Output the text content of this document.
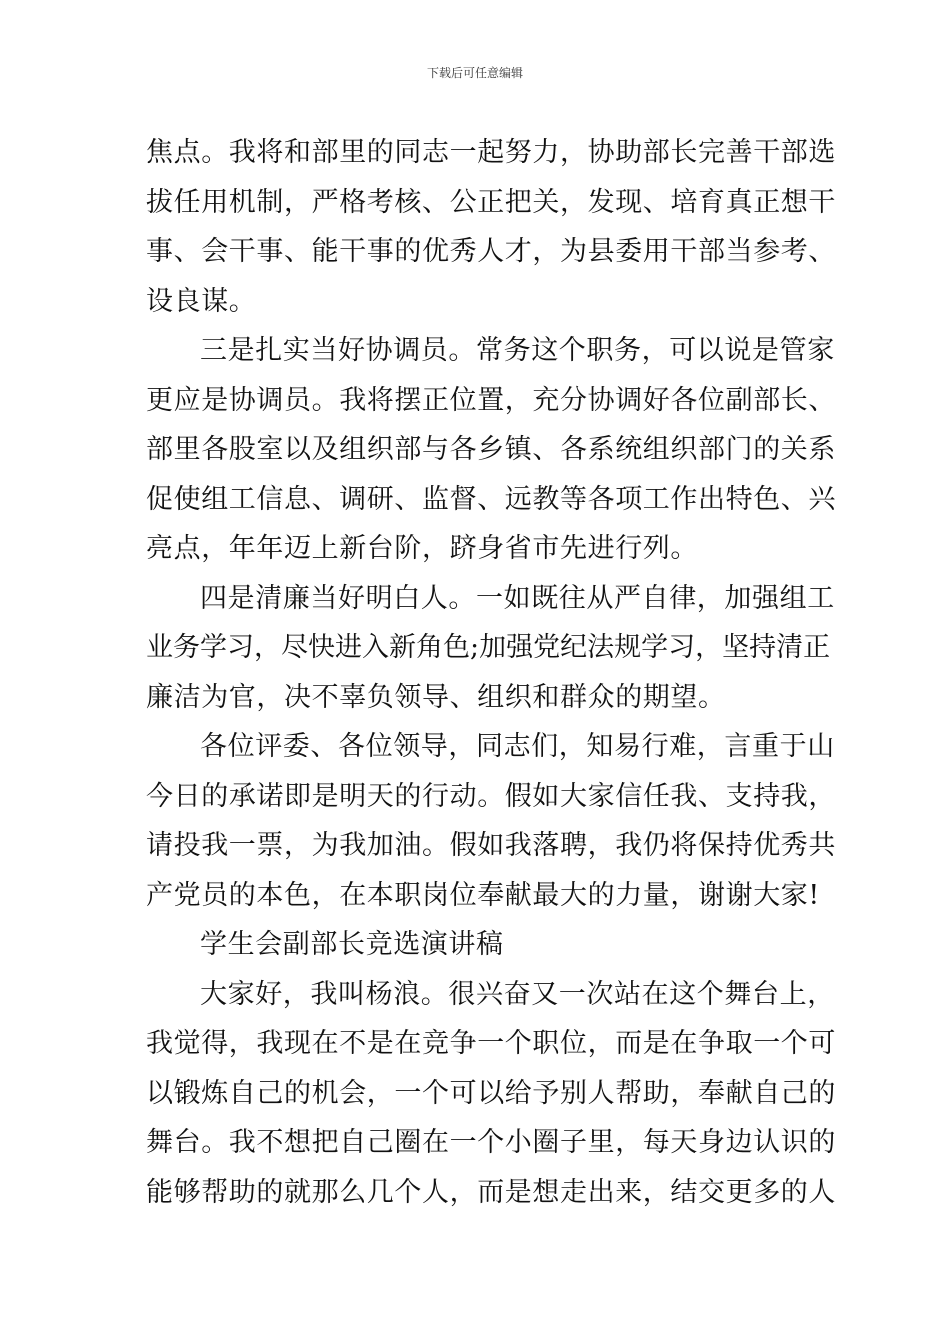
下载后可任意编辑
焦点。我将和部里的同志一起努力，协助部长完善干部选
拔任用机制，严格考核、公正把关，发现、培育真正想干
事、会干事、能干事的优秀人才，为县委用干部当参考、
设良谋。
三是扎实当好协调员。常务这个职务，可以说是管家
更应是协调员。我将摆正位置，充分协调好各位副部长、
部里各股室以及组织部与各乡镇、各系统组织部门的关系
促使组工信息、调研、监督、远教等各项工作出特色、兴
亮点，年年迈上新台阶，跻身省市先进行列。
四是清廉当好明白人。一如既往从严自律，加强组工
业务学习，尽快进入新角色;加强党纪法规学习，坚持清正
廉洁为官，决不辜负领导、组织和群众的期望。
各位评委、各位领导，同志们，知易行难，言重于山
今日的承诺即是明天的行动。假如大家信任我、支持我，
请投我一票，为我加油。假如我落聘，我仍将保持优秀共
产党员的本色，在本职岗位奉献最大的力量，谢谢大家!
学生会副部长竞选演讲稿
大家好，我叫杨浪。很兴奋又一次站在这个舞台上，
我觉得，我现在不是在竞争一个职位，而是在争取一个可
以锻炼自己的机会，一个可以给予别人帮助，奉献自己的
舞台。我不想把自己圈在一个小圈子里，每天身边认识的
能够帮助的就那么几个人，而是想走出来，结交更多的人
